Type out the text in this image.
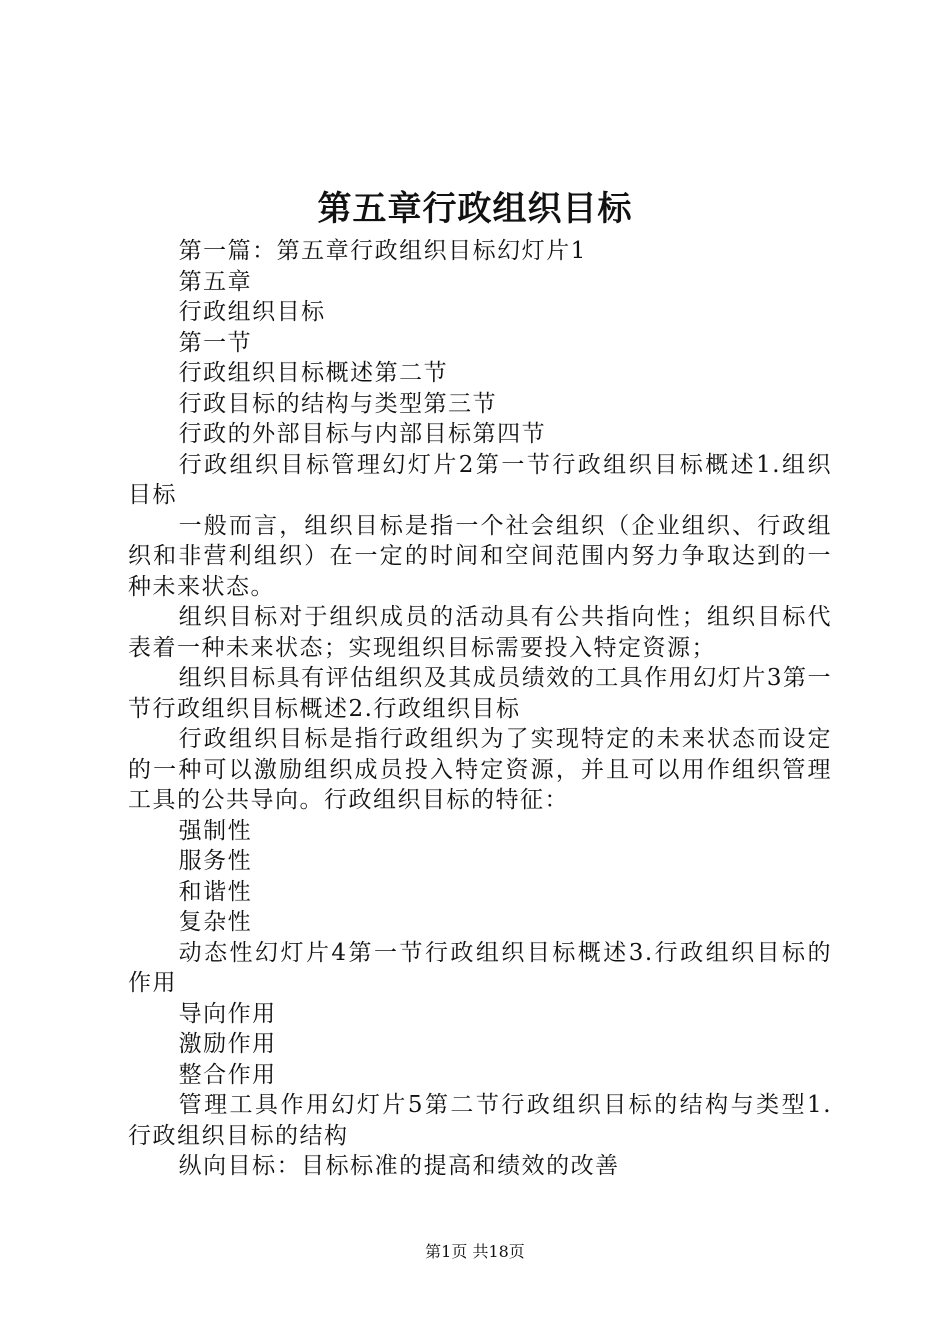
第五章行政组织目标

第一篇：第五章行政组织目标幻灯片1

第五章

行政组织目标

第一节

行政组织目标概述第二节

行政目标的结构与类型第三节

行政的外部目标与内部目标第四节

行政组织目标管理幻灯片2第一节行政组织目标概述1.组织目标

一般而言，组织目标是指一个社会组织（企业组织、行政组织和非营利组织）在一定的时间和空间范围内努力争取达到的一种未来状态。

组织目标对于组织成员的活动具有公共指向性；组织目标代表着一种未来状态；实现组织目标需要投入特定资源；

组织目标具有评估组织及其成员绩效的工具作用幻灯片3第一节行政组织目标概述2.行政组织目标

行政组织目标是指行政组织为了实现特定的未来状态而设定的一种可以激励组织成员投入特定资源，并且可以用作组织管理工具的公共导向。行政组织目标的特征：

强制性

服务性

和谐性

复杂性

动态性幻灯片4第一节行政组织目标概述3.行政组织目标的作用

导向作用

激励作用

整合作用

管理工具作用幻灯片5第二节行政组织目标的结构与类型1.行政组织目标的结构

纵向目标：目标标准的提高和绩效的改善

第1页 共18页
